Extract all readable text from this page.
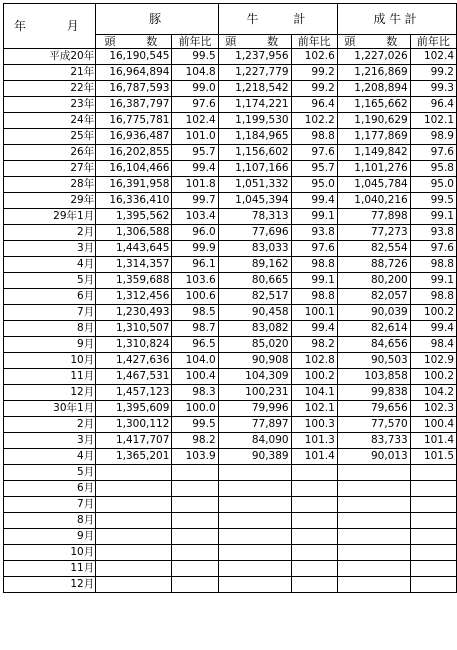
年　月	豚		牛　　計		成牛計	
	頭　数	前年比	頭　数	前年比	頭　数	前年比
平成20年	16,190,545	99.5	1,237,956	102.6	1,227,026	102.4
21年	16,964,894	104.8	1,227,779	99.2	1,216,869	99.2
22年	16,787,593	99.0	1,218,542	99.2	1,208,894	99.3
23年	16,387,797	97.6	1,174,221	96.4	1,165,662	96.4
24年	16,775,781	102.4	1,199,530	102.2	1,190,629	102.1
25年	16,936,487	101.0	1,184,965	98.8	1,177,869	98.9
26年	16,202,855	95.7	1,156,602	97.6	1,149,842	97.6
27年	16,104,466	99.4	1,107,166	95.7	1,101,276	95.8
28年	16,391,958	101.8	1,051,332	95.0	1,045,784	95.0
29年	16,336,410	99.7	1,045,394	99.4	1,040,216	99.5
29年1月	1,395,562	103.4	78,313	99.1	77,898	99.1
2月	1,306,588	96.0	77,696	93.8	77,273	93.8
3月	1,443,645	99.9	83,033	97.6	82,554	97.6
4月	1,314,357	96.1	89,162	98.8	88,726	98.8
5月	1,359,688	103.6	80,665	99.1	80,200	99.1
6月	1,312,456	100.6	82,517	98.8	82,057	98.8
7月	1,230,493	98.5	90,458	100.1	90,039	100.2
8月	1,310,507	98.7	83,082	99.4	82,614	99.4
9月	1,310,824	96.5	85,020	98.2	84,656	98.4
10月	1,427,636	104.0	90,908	102.8	90,503	102.9
11月	1,467,531	100.4	104,309	100.2	103,858	100.2
12月	1,457,123	98.3	100,231	104.1	99,838	104.2
30年1月	1,395,609	100.0	79,996	102.1	79,656	102.3
2月	1,300,112	99.5	77,897	100.3	77,570	100.4
3月	1,417,707	98.2	84,090	101.3	83,733	101.4
4月	1,365,201	103.9	90,389	101.4	90,013	101.5
5月						
6月						
7月						
8月						
9月						
10月						
11月						
12月						
